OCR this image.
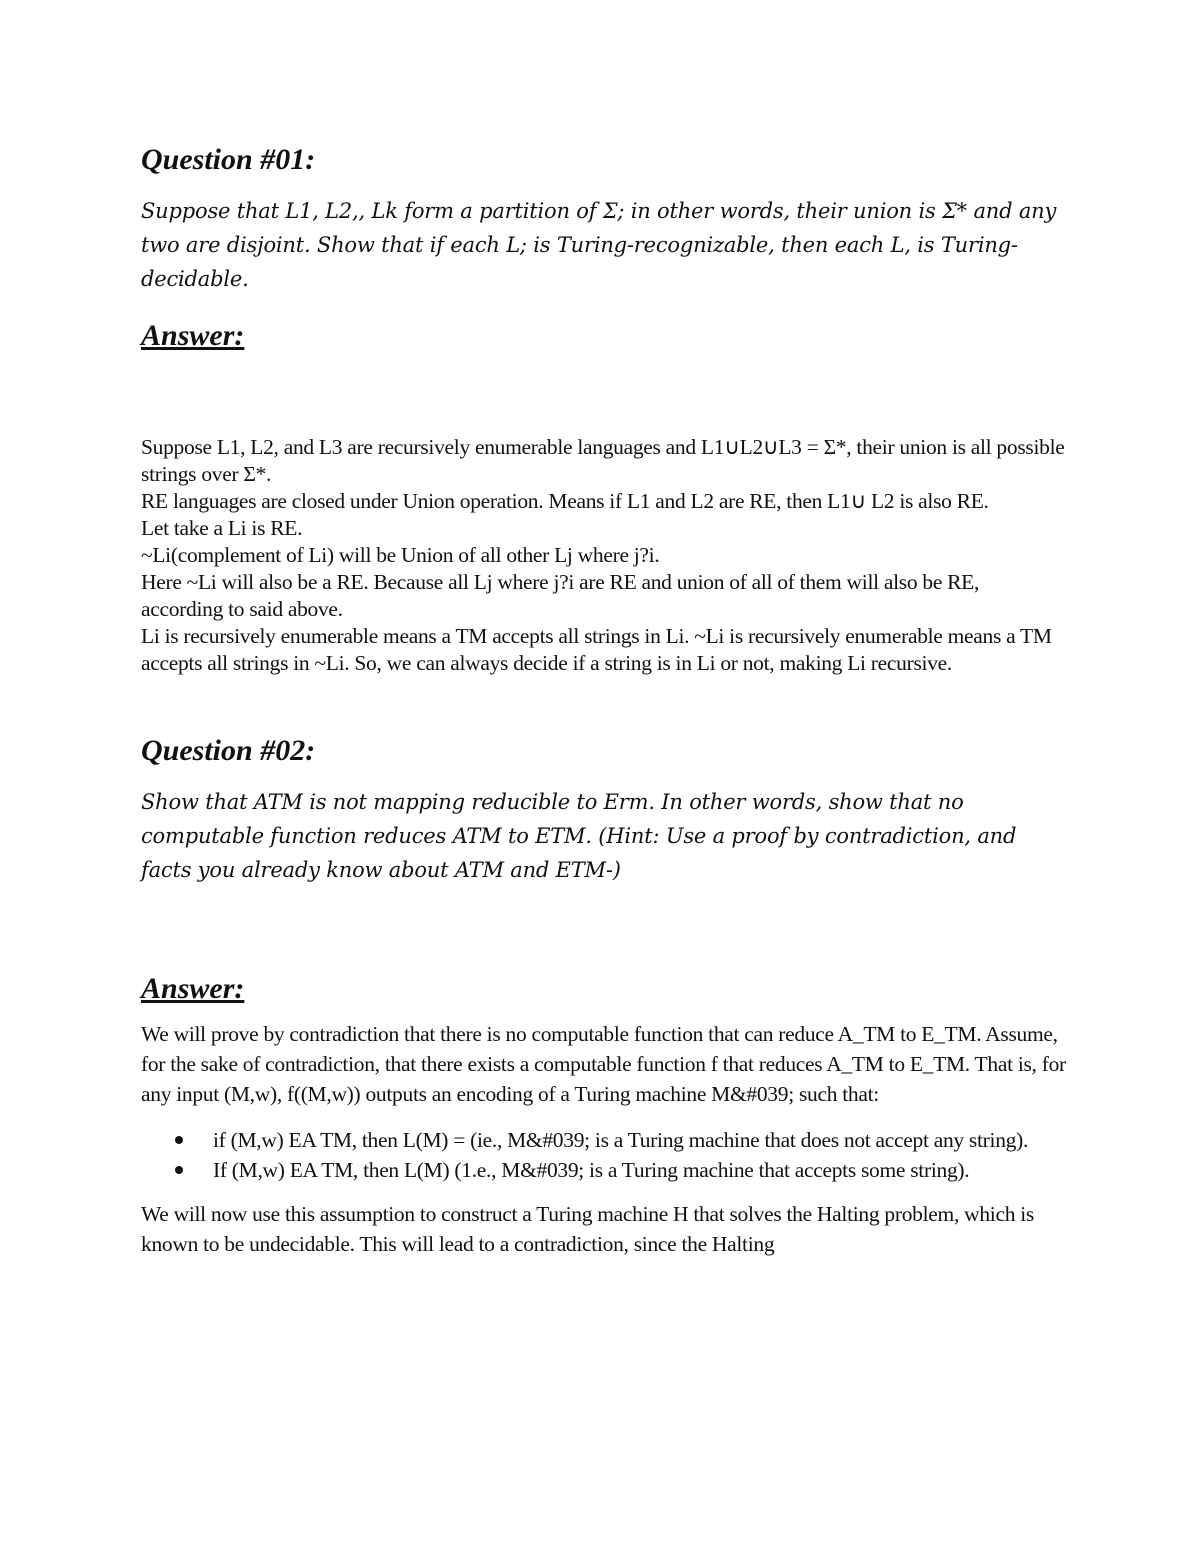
Question #01:

Suppose that L1, L2,, Lk form a partition of Σ; in other words, their union is Σ* and any two are disjoint. Show that if each L; is Turing-recognizable, then each L, is Turing-decidable.

Answer:

Suppose L1, L2, and L3 are recursively enumerable languages and L1∪L2∪L3 = Σ*, their union is all possible strings over Σ*.

RE languages are closed under Union operation. Means if L1 and L2 are RE, then L1∪ L2 is also RE.

Let take a Li is RE.

~Li(complement of Li) will be Union of all other Lj where j?i.

Here ~Li will also be a RE. Because all Lj where j?i are RE and union of all of them will also be RE, according to said above.

Li is recursively enumerable means a TM accepts all strings in Li. ~Li is recursively enumerable means a TM accepts all strings in ~Li. So, we can always decide if a string is in Li or not, making Li recursive.

Question #02:

Show that ATM is not mapping reducible to Erm. In other words, show that no computable function reduces ATM to ETM. (Hint: Use a proof by contradiction, and facts you already know about ATM and ETM-)

Answer:

We will prove by contradiction that there is no computable function that can reduce A_TM to E_TM. Assume, for the sake of contradiction, that there exists a computable function f that reduces A_TM to E_TM. That is, for any input (M,w), f((M,w)) outputs an encoding of a Turing machine M&#039; such that:

if (M,w) EA TM, then L(M) = (ie., M&#039; is a Turing machine that does not accept any string).
If (M,w) EA TM, then L(M) (1.e., M&#039; is a Turing machine that accepts some string).

We will now use this assumption to construct a Turing machine H that solves the Halting problem, which is known to be undecidable. This will lead to a contradiction, since the Halting
